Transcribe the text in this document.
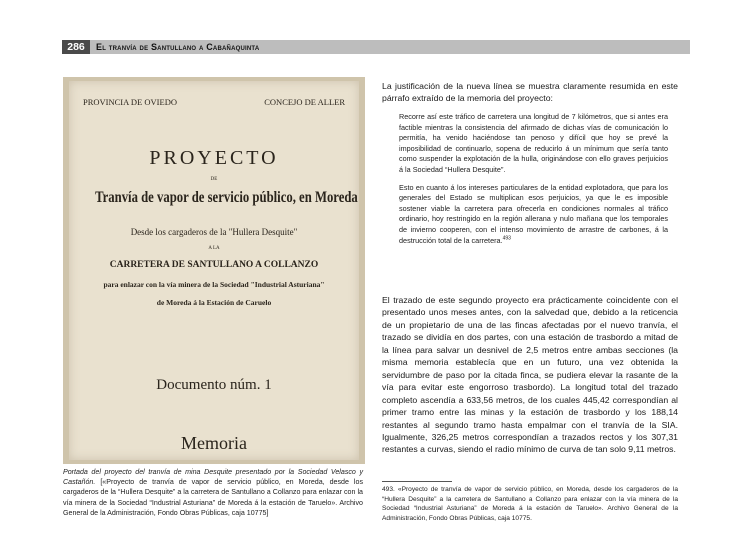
286	El tranvía de Santullano a Cabañaquinta
PROVINCIA DE OVIEDO	CONCEJO DE ALLER
PROYECTO
DE
Tranvía de vapor de servicio público, en Moreda
Desde los cargaderos de la "Hullera Desquite"
A LA
CARRETERA DE SANTULLANO A COLLANZO
para enlazar con la vía minera de la Sociedad "Industrial Asturiana"
de Moreda á la Estación de Caruelo
Documento núm. 1
Memoria
Portada del proyecto del tranvía de mina Desquite presentado por la Sociedad Velasco y Castañón. [«Proyecto de tranvía de vapor de servicio público, en Moreda, desde los cargaderos de la “Hullera Desquite” a la carretera de Santullano a Collanzo para enlazar con la vía minera de la Sociedad “Industrial Asturiana” de Moreda á la estación de Taruelo». Archivo General de la Administración, Fondo Obras Públicas, caja 10775]
La justificación de la nueva línea se muestra claramente resumida en este párrafo extraído de la memoria del proyecto:

Recorre así este tráfico de carretera una longitud de 7 kilómetros, que si antes era factible mientras la consistencia del afirmado de dichas vías de comunicación lo permitía, ha venido haciéndose tan penoso y difícil que hoy se prevé la imposibilidad de continuarlo, sopena de reducirlo á un mínimum que sería tanto como suspender la explotación de la hulla, originándose con ello graves perjuicios á la Sociedad “Hullera Desquite”.

Esto en cuanto á los intereses particulares de la entidad explotadora, que para los generales del Estado se multiplican esos perjuicios, ya que le es imposible sostener viable la carretera para ofrecerla en condiciones normales al tráfico ordinario, hoy restringido en la región allerana y nulo mañana que los temporales de invierno cooperen, con el intenso movimiento de arrastre de carbones, á la destrucción total de la carretera.$^{493}$

El trazado de este segundo proyecto era prácticamente coincidente con el presentado unos meses antes, con la salvedad que, debido a la reticencia de un propietario de una de las fincas afectadas por el nuevo tranvía, el trazado se dividía en dos partes, con una estación de trasbordo a mitad de la línea para salvar un desnivel de 2,5 metros entre ambas secciones (la misma memoria establecía que en un futuro, una vez obtenida la servidumbre de paso por la citada finca, se pudiera elevar la rasante de la vía para evitar este engorroso trasbordo). La longitud total del trazado completo ascendía a 633,56 metros, de los cuales 445,42 correspondían al primer tramo entre las minas y la estación de trasbordo y los 188,14 restantes al segundo tramo hasta empalmar con el tranvía de la SIA. Igualmente, 326,25 metros correspondían a trazados rectos y los 307,31 restantes a curvas, siendo el radio mínimo de curva de tan solo 9,11 metros.
493. «Proyecto de tranvía de vapor de servicio público, en Moreda, desde los cargaderos de la “Hullera Desquite” a la carretera de Santullano a Collanzo para enlazar con la vía minera de la Sociedad “Industrial Asturiana” de Moreda á la estación de Taruelo». Archivo General de la Administración, Fondo Obras Públicas, caja 10775.
